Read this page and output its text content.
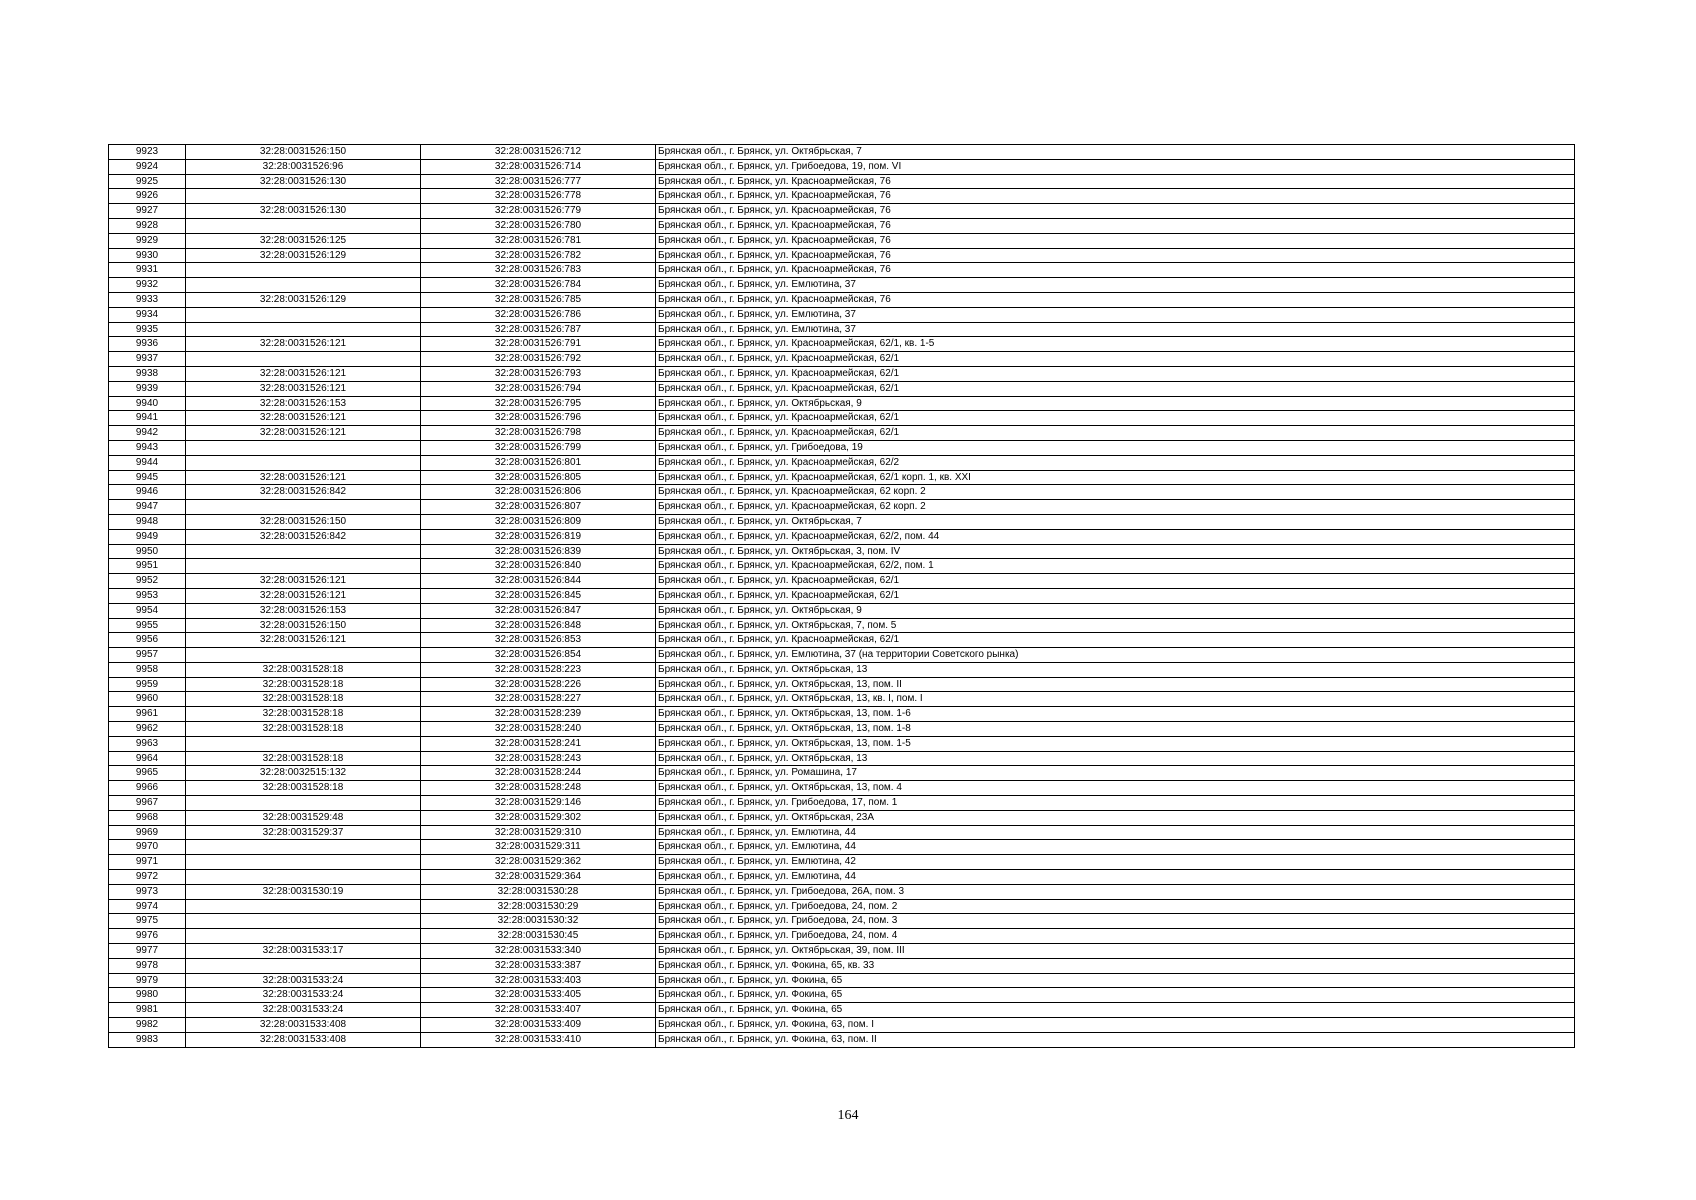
9923	32:28:0031526:150	32:28:0031526:712	Брянская обл., г. Брянск, ул. Октябрьская, 7
9924	32:28:0031526:96	32:28:0031526:714	Брянская обл., г. Брянск, ул. Грибоедова, 19, пом. VI
9925	32:28:0031526:130	32:28:0031526:777	Брянская обл., г. Брянск, ул. Красноармейская, 76
9926		32:28:0031526:778	Брянская обл., г. Брянск, ул. Красноармейская, 76
9927	32:28:0031526:130	32:28:0031526:779	Брянская обл., г. Брянск, ул. Красноармейская, 76
9928		32:28:0031526:780	Брянская обл., г. Брянск, ул. Красноармейская, 76
9929	32:28:0031526:125	32:28:0031526:781	Брянская обл., г. Брянск, ул. Красноармейская, 76
9930	32:28:0031526:129	32:28:0031526:782	Брянская обл., г. Брянск, ул. Красноармейская, 76
9931		32:28:0031526:783	Брянская обл., г. Брянск, ул. Красноармейская, 76
9932		32:28:0031526:784	Брянская обл., г. Брянск, ул. Емлютина, 37
9933	32:28:0031526:129	32:28:0031526:785	Брянская обл., г. Брянск, ул. Красноармейская, 76
9934		32:28:0031526:786	Брянская обл., г. Брянск, ул. Емлютина, 37
9935		32:28:0031526:787	Брянская обл., г. Брянск, ул. Емлютина, 37
9936	32:28:0031526:121	32:28:0031526:791	Брянская обл., г. Брянск, ул. Красноармейская, 62/1, кв. 1-5
9937		32:28:0031526:792	Брянская обл., г. Брянск, ул. Красноармейская, 62/1
9938	32:28:0031526:121	32:28:0031526:793	Брянская обл., г. Брянск, ул. Красноармейская, 62/1
9939	32:28:0031526:121	32:28:0031526:794	Брянская обл., г. Брянск, ул. Красноармейская, 62/1
9940	32:28:0031526:153	32:28:0031526:795	Брянская обл., г. Брянск, ул. Октябрьская, 9
9941	32:28:0031526:121	32:28:0031526:796	Брянская обл., г. Брянск, ул. Красноармейская, 62/1
9942	32:28:0031526:121	32:28:0031526:798	Брянская обл., г. Брянск, ул. Красноармейская, 62/1
9943		32:28:0031526:799	Брянская обл., г. Брянск, ул. Грибоедова, 19
9944		32:28:0031526:801	Брянская обл., г. Брянск, ул. Красноармейская, 62/2
9945	32:28:0031526:121	32:28:0031526:805	Брянская обл., г. Брянск, ул. Красноармейская, 62/1 корп. 1, кв. XXI
9946	32:28:0031526:842	32:28:0031526:806	Брянская обл., г. Брянск, ул. Красноармейская, 62 корп. 2
9947		32:28:0031526:807	Брянская обл., г. Брянск, ул. Красноармейская, 62 корп. 2
9948	32:28:0031526:150	32:28:0031526:809	Брянская обл., г. Брянск, ул. Октябрьская, 7
9949	32:28:0031526:842	32:28:0031526:819	Брянская обл., г. Брянск, ул. Красноармейская, 62/2, пом. 44
9950		32:28:0031526:839	Брянская обл., г. Брянск, ул. Октябрьская, 3, пом. IV
9951		32:28:0031526:840	Брянская обл., г. Брянск, ул. Красноармейская, 62/2, пом. 1
9952	32:28:0031526:121	32:28:0031526:844	Брянская обл., г. Брянск, ул. Красноармейская, 62/1
9953	32:28:0031526:121	32:28:0031526:845	Брянская обл., г. Брянск, ул. Красноармейская, 62/1
9954	32:28:0031526:153	32:28:0031526:847	Брянская обл., г. Брянск, ул. Октябрьская, 9
9955	32:28:0031526:150	32:28:0031526:848	Брянская обл., г. Брянск, ул. Октябрьская, 7, пом. 5
9956	32:28:0031526:121	32:28:0031526:853	Брянская обл., г. Брянск, ул. Красноармейская, 62/1
9957		32:28:0031526:854	Брянская обл., г. Брянск, ул. Емлютина, 37 (на территории Советского рынка)
9958	32:28:0031528:18	32:28:0031528:223	Брянская обл., г. Брянск, ул. Октябрьская, 13
9959	32:28:0031528:18	32:28:0031528:226	Брянская обл., г. Брянск, ул. Октябрьская, 13, пом. II
9960	32:28:0031528:18	32:28:0031528:227	Брянская обл., г. Брянск, ул. Октябрьская, 13, кв. I, пом. I
9961	32:28:0031528:18	32:28:0031528:239	Брянская обл., г. Брянск, ул. Октябрьская, 13, пом. 1-6
9962	32:28:0031528:18	32:28:0031528:240	Брянская обл., г. Брянск, ул. Октябрьская, 13, пом. 1-8
9963		32:28:0031528:241	Брянская обл., г. Брянск, ул. Октябрьская, 13, пом. 1-5
9964	32:28:0031528:18	32:28:0031528:243	Брянская обл., г. Брянск, ул. Октябрьская, 13
9965	32:28:0032515:132	32:28:0031528:244	Брянская обл., г. Брянск, ул. Ромашина, 17
9966	32:28:0031528:18	32:28:0031528:248	Брянская обл., г. Брянск, ул. Октябрьская, 13, пом. 4
9967		32:28:0031529:146	Брянская обл., г. Брянск, ул. Грибоедова, 17, пом. 1
9968	32:28:0031529:48	32:28:0031529:302	Брянская обл., г. Брянск, ул. Октябрьская, 23А
9969	32:28:0031529:37	32:28:0031529:310	Брянская обл., г. Брянск, ул. Емлютина, 44
9970		32:28:0031529:311	Брянская обл., г. Брянск, ул. Емлютина, 44
9971		32:28:0031529:362	Брянская обл., г. Брянск, ул. Емлютина, 42
9972		32:28:0031529:364	Брянская обл., г. Брянск, ул. Емлютина, 44
9973	32:28:0031530:19	32:28:0031530:28	Брянская обл., г. Брянск, ул. Грибоедова, 26А, пом. 3
9974		32:28:0031530:29	Брянская обл., г. Брянск, ул. Грибоедова, 24, пом. 2
9975		32:28:0031530:32	Брянская обл., г. Брянск, ул. Грибоедова, 24, пом. 3
9976		32:28:0031530:45	Брянская обл., г. Брянск, ул. Грибоедова, 24, пом. 4
9977	32:28:0031533:17	32:28:0031533:340	Брянская обл., г. Брянск, ул. Октябрьская, 39, пом. III
9978		32:28:0031533:387	Брянская обл., г. Брянск, ул. Фокина, 65, кв. 33
9979	32:28:0031533:24	32:28:0031533:403	Брянская обл., г. Брянск, ул. Фокина, 65
9980	32:28:0031533:24	32:28:0031533:405	Брянская обл., г. Брянск, ул. Фокина, 65
9981	32:28:0031533:24	32:28:0031533:407	Брянская обл., г. Брянск, ул. Фокина, 65
9982	32:28:0031533:408	32:28:0031533:409	Брянская обл., г. Брянск, ул. Фокина, 63, пом. I
9983	32:28:0031533:408	32:28:0031533:410	Брянская обл., г. Брянск, ул. Фокина, 63, пом. II
164
